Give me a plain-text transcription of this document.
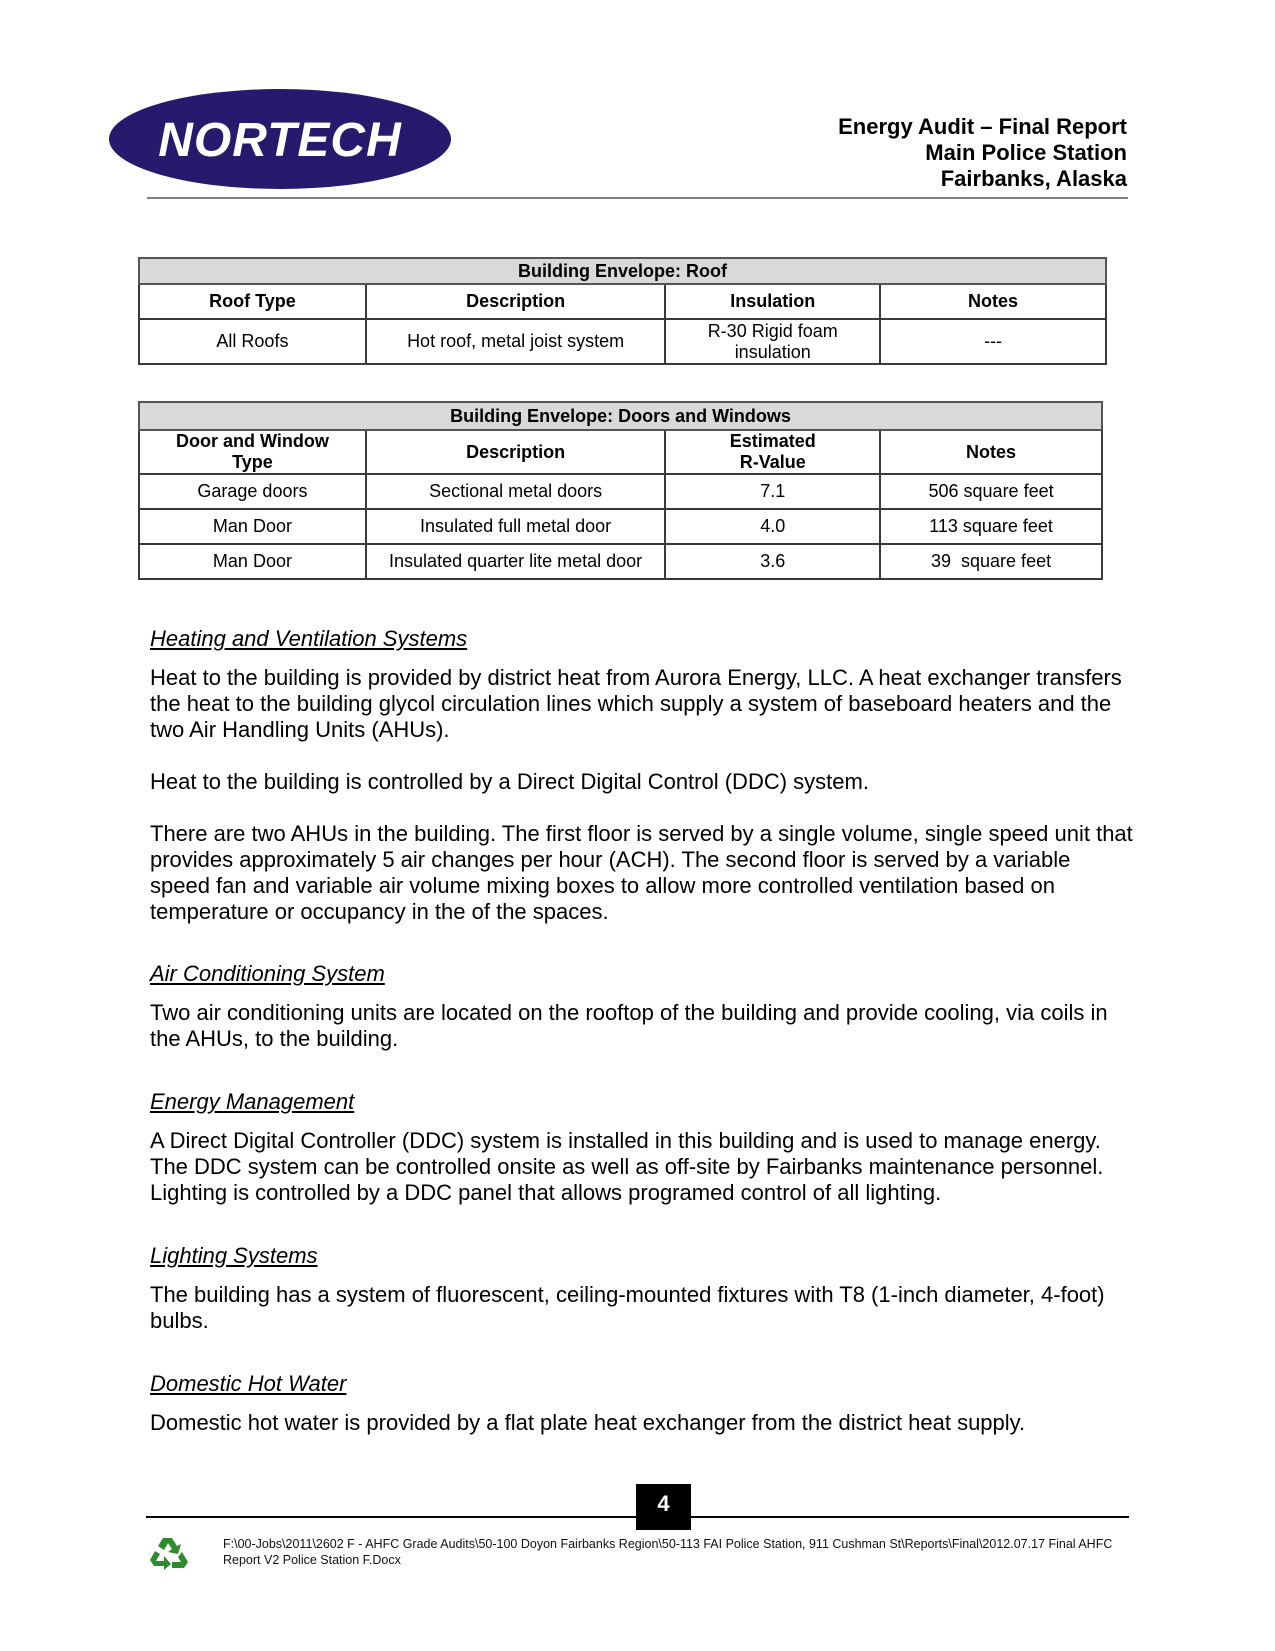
NORTECH	Energy Audit – Final Report
Main Police Station
Fairbanks, Alaska
Building Envelope: Roof			
Roof Type	Description	Insulation	Notes
All Roofs	Hot roof, metal joist system	R-30 Rigid foam insulation	---
Building Envelope: Doors and Windows			
Door and Window Type	Description	Estimated R-Value	Notes
Garage doors	Sectional metal doors	7.1	506 square feet
Man Door	Insulated full metal door	4.0	113 square feet
Man Door	Insulated quarter lite metal door	3.6	39  square feet
Heating and Ventilation Systems

Heat to the building is provided by district heat from Aurora Energy, LLC. A heat exchanger transfers the heat to the building glycol circulation lines which supply a system of baseboard heaters and the two Air Handling Units (AHUs).

Heat to the building is controlled by a Direct Digital Control (DDC) system.

There are two AHUs in the building. The first floor is served by a single volume, single speed unit that provides approximately 5 air changes per hour (ACH). The second floor is served by a variable speed fan and variable air volume mixing boxes to allow more controlled ventilation based on temperature or occupancy in the of the spaces.

Air Conditioning System

Two air conditioning units are located on the rooftop of the building and provide cooling, via coils in the AHUs, to the building.

Energy Management

A Direct Digital Controller (DDC) system is installed in this building and is used to manage energy. The DDC system can be controlled onsite as well as off-site by Fairbanks maintenance personnel. Lighting is controlled by a DDC panel that allows programed control of all lighting.

Lighting Systems

The building has a system of fluorescent, ceiling-mounted fixtures with T8 (1-inch diameter, 4-foot) bulbs.

Domestic Hot Water

Domestic hot water is provided by a flat plate heat exchanger from the district heat supply.

4
F:\00-Jobs\2011\2602 F - AHFC Grade Audits\50-100 Doyon Fairbanks Region\50-113 FAI Police Station, 911 Cushman St\Reports\Final\2012.07.17 Final AHFC Report V2 Police Station F.Docx
